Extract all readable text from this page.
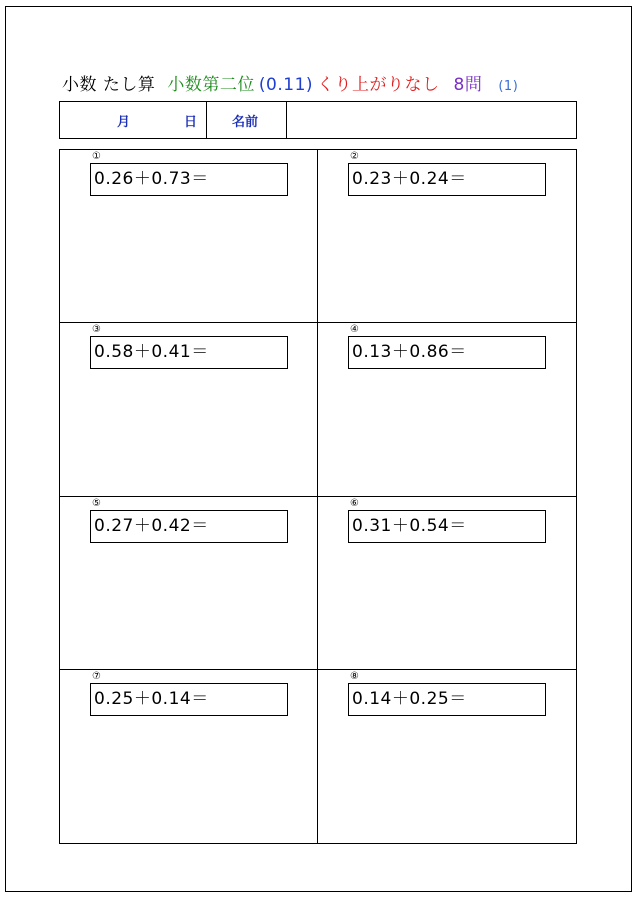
小数 たし算 小数第二位 (0.11) くり上がりなし 8問 (1)
月	日	名前
①
0.26＋0.73＝
②
0.23＋0.24＝
③
0.58＋0.41＝
④
0.13＋0.86＝
⑤
0.27＋0.42＝
⑥
0.31＋0.54＝
⑦
0.25＋0.14＝
⑧
0.14＋0.25＝
